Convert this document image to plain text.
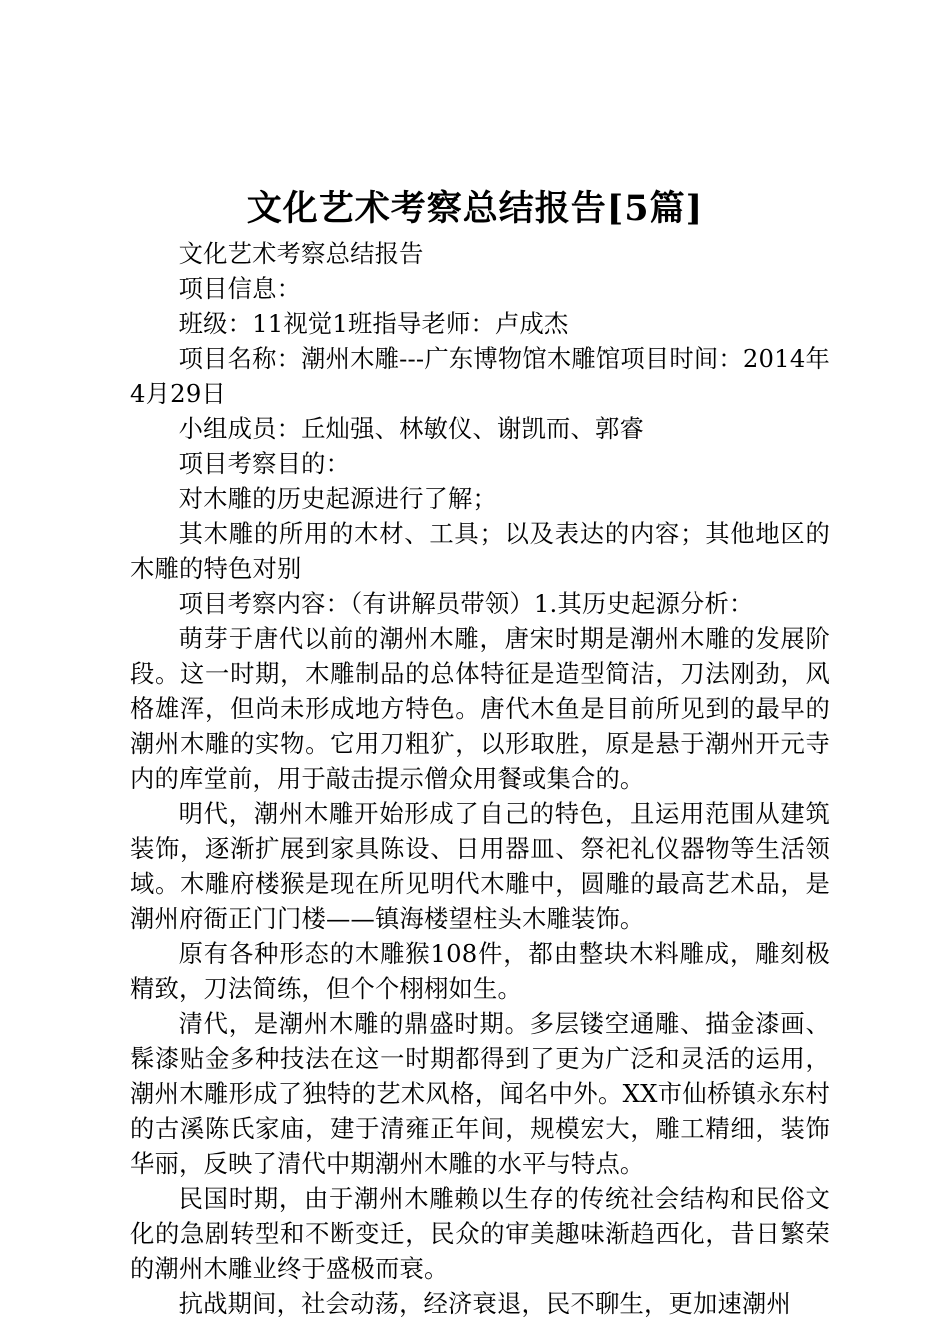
文化艺术考察总结报告[5篇]

文化艺术考察总结报告

项目信息：

班级：11视觉1班指导老师：卢成杰

项目名称：潮州木雕---广东博物馆木雕馆项目时间：2014年4月29日

小组成员：丘灿强、林敏仪、谢凯而、郭睿

项目考察目的：

对木雕的历史起源进行了解；

其木雕的所用的木材、工具；以及表达的内容；其他地区的木雕的特色对别

项目考察内容：（有讲解员带领）1.其历史起源分析：

萌芽于唐代以前的潮州木雕，唐宋时期是潮州木雕的发展阶段。这一时期，木雕制品的总体特征是造型简洁，刀法刚劲，风格雄浑，但尚未形成地方特色。唐代木鱼是目前所见到的最早的潮州木雕的实物。它用刀粗犷，以形取胜，原是悬于潮州开元寺内的库堂前，用于敲击提示僧众用餐或集合的。

明代，潮州木雕开始形成了自己的特色，且运用范围从建筑装饰，逐渐扩展到家具陈设、日用器皿、祭祀礼仪器物等生活领域。木雕府楼猴是现在所见明代木雕中，圆雕的最高艺术品，是潮州府衙正门门楼——镇海楼望柱头木雕装饰。

原有各种形态的木雕猴108件，都由整块木料雕成，雕刻极精致，刀法简练，但个个栩栩如生。

清代，是潮州木雕的鼎盛时期。多层镂空通雕、描金漆画、髹漆贴金多种技法在这一时期都得到了更为广泛和灵活的运用，潮州木雕形成了独特的艺术风格，闻名中外。XX市仙桥镇永东村的古溪陈氏家庙，建于清雍正年间，规模宏大，雕工精细，装饰华丽，反映了清代中期潮州木雕的水平与特点。

民国时期，由于潮州木雕赖以生存的传统社会结构和民俗文化的急剧转型和不断变迁，民众的审美趣味渐趋西化，昔日繁荣的潮州木雕业终于盛极而衰。

抗战期间，社会动荡，经济衰退，民不聊生，更加速潮州
